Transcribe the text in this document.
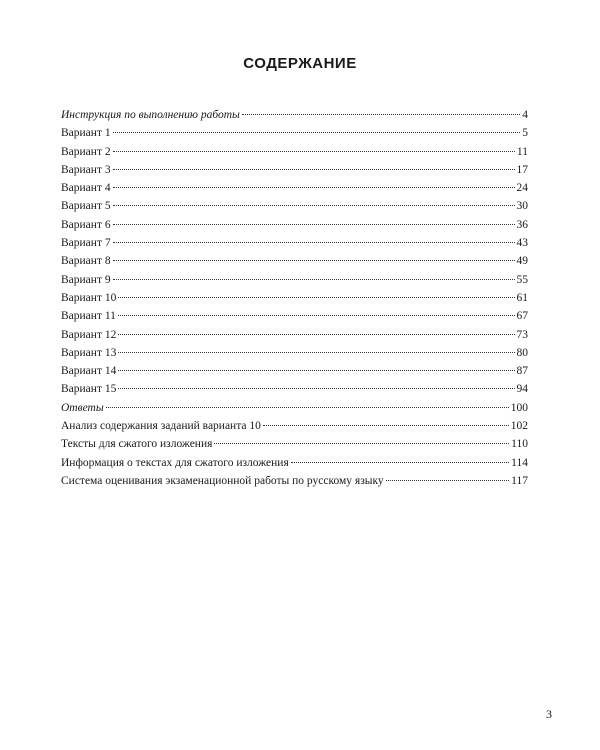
СОДЕРЖАНИЕ
Инструкция по выполнению работы	4
Вариант 1	5
Вариант 2	11
Вариант 3	17
Вариант 4	24
Вариант 5	30
Вариант 6	36
Вариант 7	43
Вариант 8	49
Вариант 9	55
Вариант 10	61
Вариант 11	67
Вариант 12	73
Вариант 13	80
Вариант 14	87
Вариант 15	94
Ответы	100
Анализ содержания заданий варианта 10	102
Тексты для сжатого изложения	110
Информация о текстах для сжатого изложения	114
Система оценивания экзаменационной работы по русскому языку	117
3
